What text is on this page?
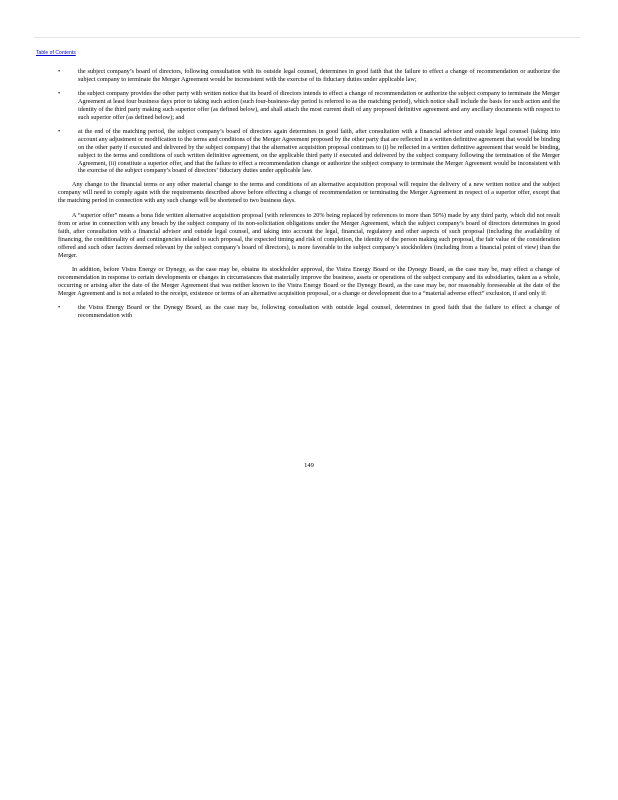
Table of Contents
•	the subject company’s board of directors, following consultation with its outside legal counsel, determines in good faith that the failure to effect a change of recommendation or authorize the subject company to terminate the Merger Agreement would be inconsistent with the exercise of its fiduciary duties under applicable law;
•	the subject company provides the other party with written notice that its board of directors intends to effect a change of recommendation or authorize the subject company to terminate the Merger Agreement at least four business days prior to taking such action (such four-business-day period is referred to as the matching period), which notice shall include the basis for such action and the identity of the third party making such superior offer (as defined below), and shall attach the most current draft of any proposed definitive agreement and any ancillary documents with respect to such superior offer (as defined below); and
•	at the end of the matching period, the subject company’s board of directors again determines in good faith, after consultation with a financial advisor and outside legal counsel (taking into account any adjustment or modification to the terms and conditions of the Merger Agreement proposed by the other party that are reflected in a written definitive agreement that would be binding on the other party if executed and delivered by the subject company) that the alternative acquisition proposal continues to (i) be reflected in a written definitive agreement that would be binding, subject to the terms and conditions of such written definitive agreement, on the applicable third party if executed and delivered by the subject company following the termination of the Merger Agreement, (ii) constitute a superior offer, and that the failure to effect a recommendation change or authorize the subject company to terminate the Merger Agreement would be inconsistent with the exercise of the subject company’s board of directors’ fiduciary duties under applicable law.

Any change to the financial terms or any other material change to the terms and conditions of an alternative acquisition proposal will require the delivery of a new written notice and the subject company will need to comply again with the requirements described above before effecting a change of recommendation or terminating the Merger Agreement in respect of a superior offer, except that the matching period in connection with any such change will be shortened to two business days.

A “superior offer” means a bona fide written alternative acquisition proposal (with references to 20% being replaced by references to more than 50%) made by any third party, which did not result from or arise in connection with any breach by the subject company of its non-solicitation obligations under the Merger Agreement, which the subject company’s board of directors determines in good faith, after consultation with a financial advisor and outside legal counsel, and taking into account the legal, financial, regulatory and other aspects of such proposal (including the availability of financing, the conditionality of and contingencies related to such proposal, the expected timing and risk of completion, the identity of the person making such proposal, the fair value of the consideration offered and such other factors deemed relevant by the subject company’s board of directors), is more favorable to the subject company’s stockholders (including from a financial point of view) than the Merger.

In addition, before Vistra Energy or Dynegy, as the case may be, obtains its stockholder approval, the Vistra Energy Board or the Dynegy Board, as the case may be, may effect a change of recommendation in response to certain developments or changes in circumstances that materially improve the business, assets or operations of the subject company and its subsidiaries, taken as a whole, occurring or arising after the date of the Merger Agreement that was neither known to the Vistra Energy Board or the Dynegy Board, as the case may be, nor reasonably foreseeable at the date of the Merger Agreement and is not a related to the receipt, existence or terms of an alternative acquisition proposal, or a change or development due to a “material adverse effect” exclusion, if and only if:

•	the Vistra Energy Board or the Dynegy Board, as the case may be, following consultation with outside legal counsel, determines in good faith that the failure to effect a change of recommendation with
149
